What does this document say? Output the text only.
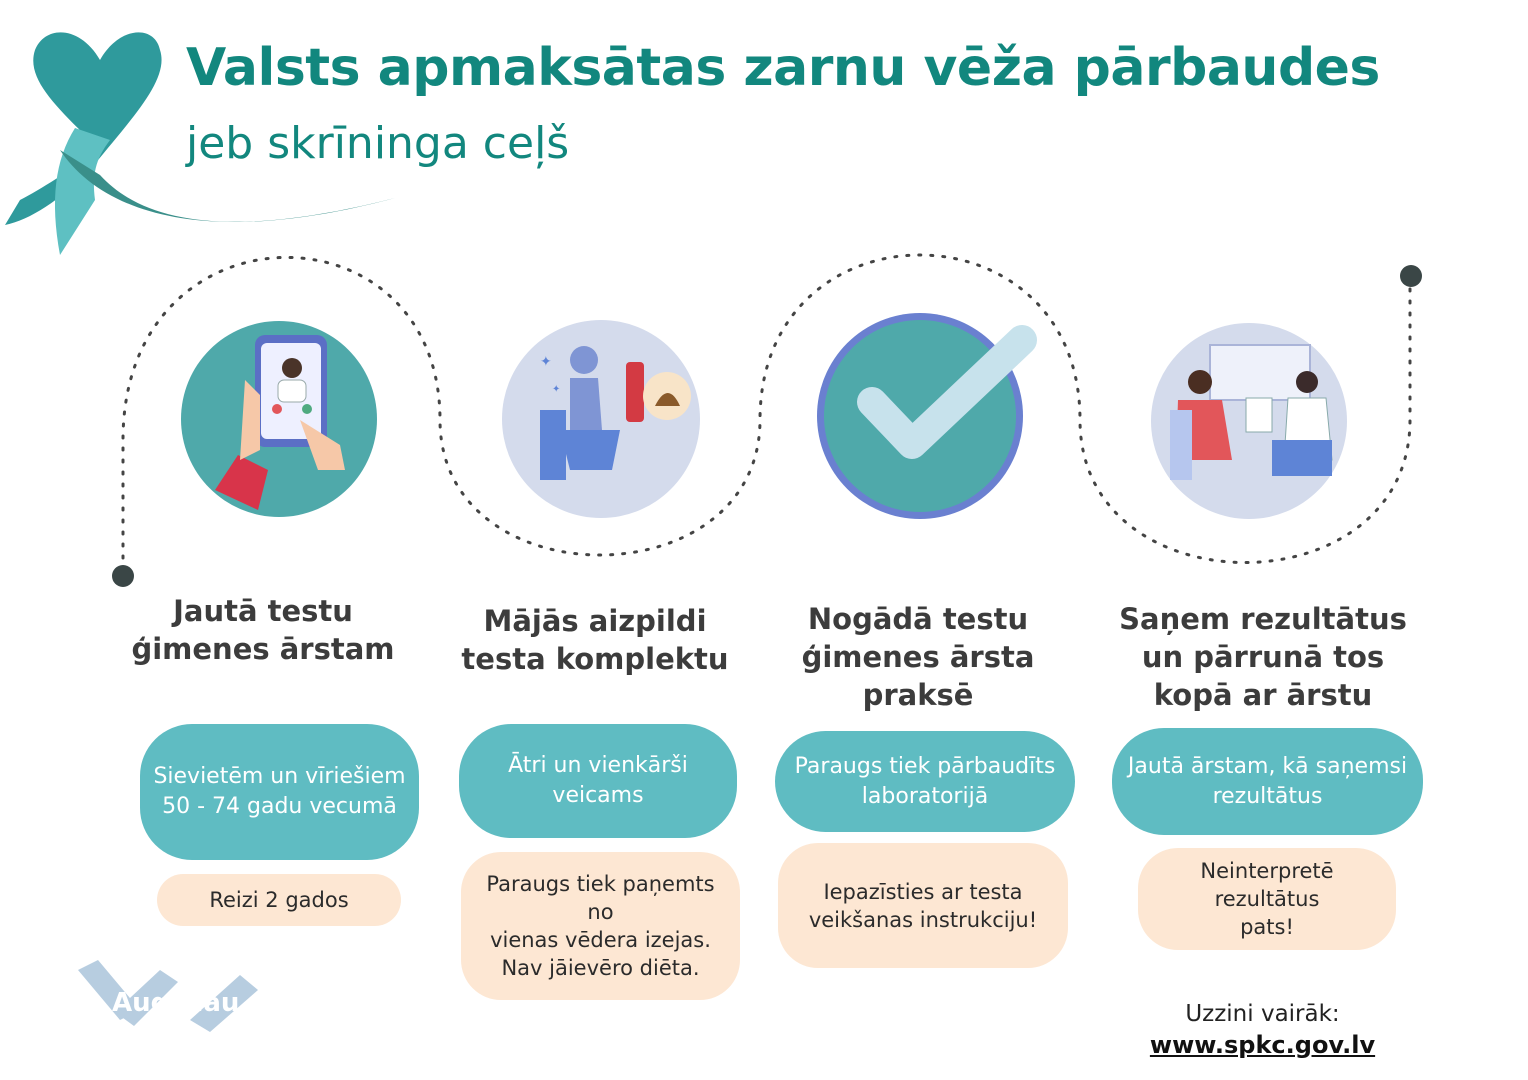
✦
✦
Valsts apmaksātas zarnu vēža pārbaudes
jeb skrīninga ceļš
Jautā testu
ģimenes ārstam
Sievietēm un vīriešiem
50 - 74 gadu vecumā
Reizi 2 gados
Mājās aizpildi
testa komplektu
Ātri un vienkārši
veicams
Paraugs tiek paņemts no
vienas vēdera izejas.
Nav jāievēro diēta.
Nogādā testu
ģimenes ārsta
praksē
Paraugs tiek pārbaudīts
laboratorijā
Iepazīsties ar testa
veikšanas instrukciju!
Saņem rezultātus
un pārrunā tos
kopā ar ārstu
Jautā ārstam, kā saņemsi
rezultātus
Neinterpretē rezultātus
pats!
Augsdau	Uzzini vairāk:
www.spkc.gov.lv
